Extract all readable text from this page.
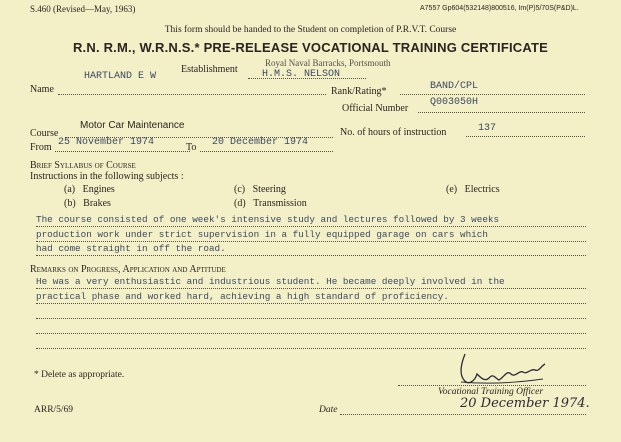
S.460 (Revised—May, 1963)	A7557 Gp604(532148)800516, Im(P)5/70S(P&D)L.
This form should be handed to the Student on completion of P.R.V.T. Course
R.N. R.M., W.R.N.S.* PRE-RELEASE VOCATIONAL TRAINING CERTIFICATE
Establishment
Royal Naval Barracks, Portsmouth
H.M.S. NELSON
Name
HARTLAND E W
Rank/Rating*	BAND/CPL
Official Number
Q003050H
Course
Motor Car Maintenance
No. of hours of instruction	137
From 25 November 1974	To 20 December 1974
Brief Syllabus of Course
Instructions in the following subjects :
(a) Engines
(b) Brakes
(c) Steering
(d) Transmission
(e) Electrics
The course consisted of one week's intensive study and lectures followed by 3 weeks
production work under strict supervision in a fully equipped garage on cars which
had come straight in off the road.
Remarks on Progress, Application and Aptitude
He was a very enthusiastic and industrious student. He became deeply involved in the
practical phase and worked hard, achieving a high standard of proficiency.
* Delete as appropriate.
Vocational Training Officer
ARR/5/69	Date	20 December 1974.
